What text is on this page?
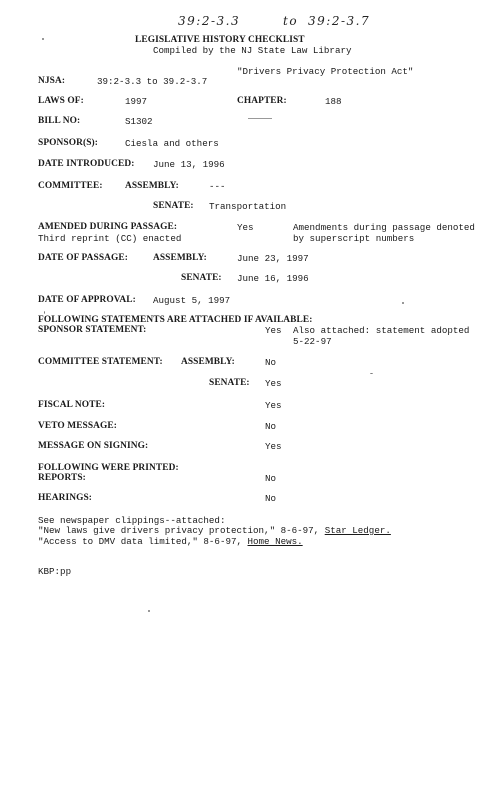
39:2-3.3	to 39:2-3.7
LEGISLATIVE HISTORY CHECKLIST
Compiled by the NJ State Law Library
"Drivers Privacy Protection Act"
NJSA:	39:2-3.3 to 39.2-3.7
LAWS OF:	1997	CHAPTER:	188
BILL NO:	S1302
SPONSOR(S):	Ciesla and others
DATE INTRODUCED: June 13, 1996
COMMITTEE: ASSEMBLY:	---
SENATE: Transportation
AMENDED DURING PASSAGE:	Yes	Amendments during passage denoted
Third reprint (CC) enacted	by superscript numbers
DATE OF PASSAGE:	ASSEMBLY:	June 23, 1997
SENATE: June 16, 1996
DATE OF APPROVAL: August 5, 1997
FOLLOWING STATEMENTS ARE ATTACHED IF AVAILABLE:
SPONSOR STATEMENT:	Yes Also attached: statement adopted
5-22-97
COMMITTEE STATEMENT: ASSEMBLY:	No
SENATE: Yes
FISCAL NOTE:	Yes
VETO MESSAGE:	No
MESSAGE ON SIGNING:	Yes
FOLLOWING WERE PRINTED:
REPORTS:	No
HEARINGS:	No
See newspaper clippings--attached:
"New laws give drivers privacy protection," 8-6-97, Star Ledger.
"Access to DMV data limited," 8-6-97, Home News.
KBP:pp
